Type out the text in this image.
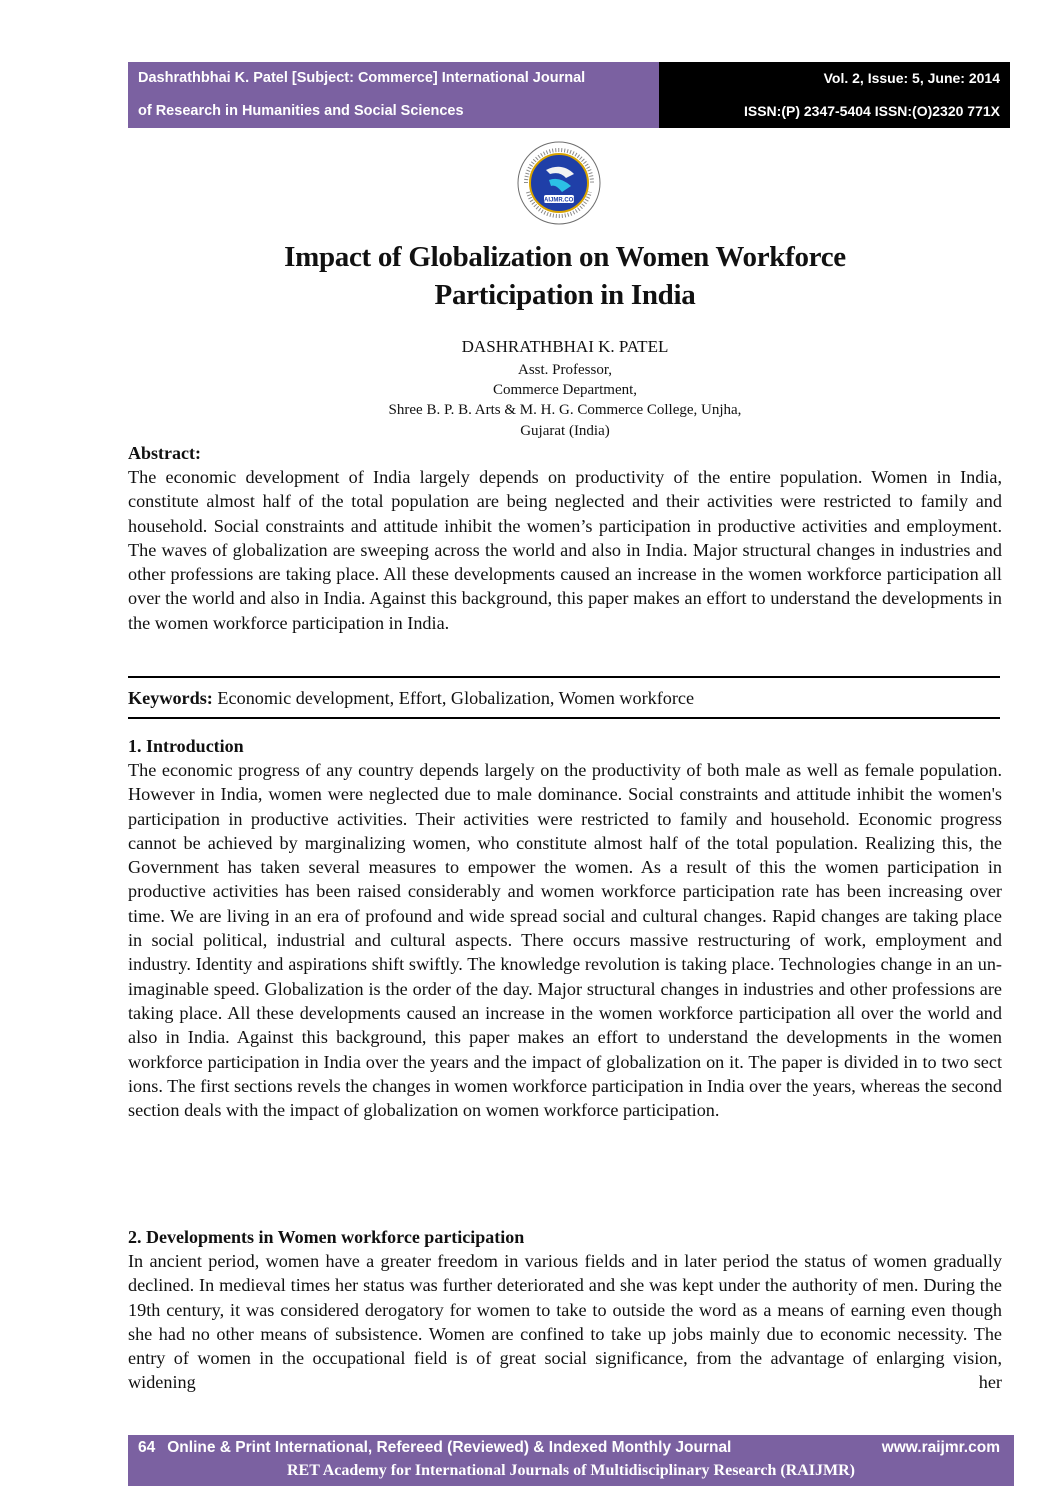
Dashrathbhai K. Patel [Subject: Commerce] International Journal
of Research in Humanities and Social Sciences
Vol. 2, Issue: 5, June: 2014
ISSN:(P) 2347-5404 ISSN:(O)2320 771X
RAIJMR.COM
Impact of Globalization on Women Workforce
Participation in India
DASHRATHBHAI K. PATEL
Asst. Professor,
Commerce Department,
Shree B. P. B. Arts & M. H. G. Commerce College, Unjha,
Gujarat (India)
Abstract:
The economic development of India largely depends on productivity of the entire population. Women in India, constitute almost half of the total population are being neglected and their activities were restricted to family and household. Social constraints and attitude inhibit the women’s participation in productive activities and employment. The waves of globalization are sweeping across the world and also in India. Major structural changes in industries and other professions are taking place. All these developments caused an increase in the women workforce participation all over the world and also in India. Against this background, this paper makes an effort to understand the developments in the women workforce participation in India.
Keywords: Economic development, Effort, Globalization, Women workforce
1. Introduction
The economic progress of any country depends largely on the productivity of both male as well as female population. However in India, women were neglected due to male dominance. Social constraints and attitude inhibit the women's participation in productive activities. Their activities were restricted to family and household. Economic progress cannot be achieved by marginalizing women, who constitute almost half of the total population. Realizing this, the Government has taken several measures to empower the women. As a result of this the women participation in productive activities has been raised considerably and women workforce participation rate has been increasing over time. We are living in an era of profound and wide spread social and cultural changes. Rapid changes are taking place in social political, industrial and cultural aspects. There occurs massive restructuring of work, employment and industry. Identity and aspirations shift swiftly. The knowledge revolution is taking place. Technologies change in an un-imaginable speed. Globalization is the order of the day. Major structural changes in industries and other professions are taking place. All these developments caused an increase in the women workforce participation all over the world and also in India. Against this background, this paper makes an effort to understand the developments in the women workforce participation in India over the years and the impact of globalization on it. The paper is divided in to two sect ions. The first sections revels the changes in women workforce participation in India over the years, whereas the second section deals with the impact of globalization on women workforce participation.
2. Developments in Women workforce participation
In ancient period, women have a greater freedom in various fields and in later period the status of women gradually declined. In medieval times her status was further deteriorated and she was kept under the authority of men. During the 19th century, it was considered derogatory for women to take to outside the word as a means of earning even though she had no other means of subsistence. Women are confined to take up jobs mainly due to economic necessity. The entry of women in the occupational field is of great social significance, from the advantage of enlarging vision, widening her
64 Online & Print International, Refereed (Reviewed) & Indexed Monthly Journal	www.raijmr.com
RET Academy for International Journals of Multidisciplinary Research (RAIJMR)
